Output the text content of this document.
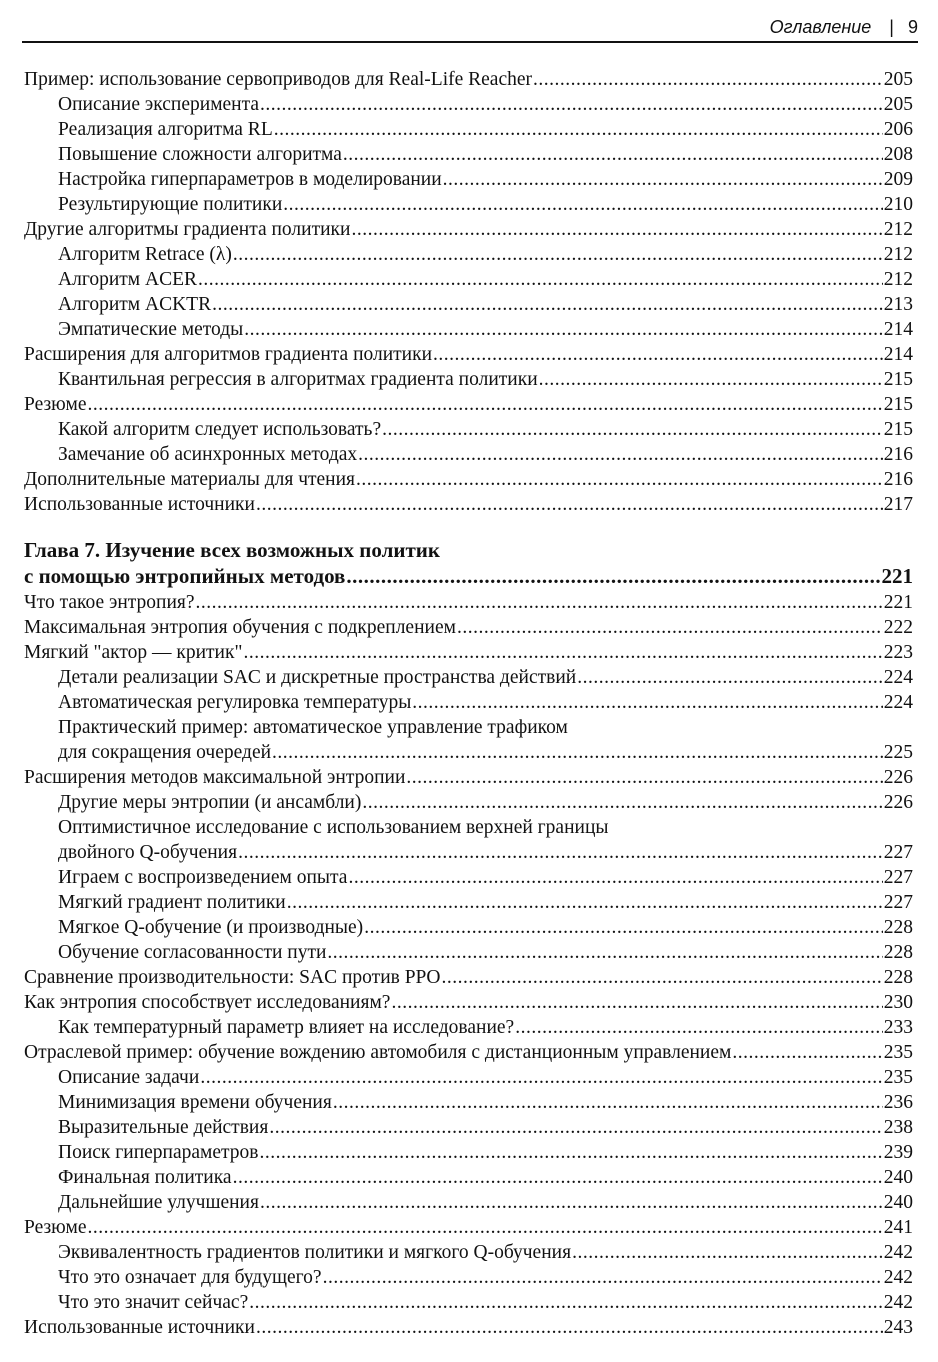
Оглавление | 9
Пример: использование сервоприводов для Real-Life Reacher .....	205
Описание эксперимента .....	205
Реализация алгоритма RL .....	206
Повышение сложности алгоритма .....	208
Настройка гиперпараметров в моделировании .....	209
Результирующие политики .....	210
Другие алгоритмы градиента политики .....	212
Алгоритм Retrace (λ) .....	212
Алгоритм ACER .....	212
Алгоритм ACKTR .....	213
Эмпатические методы .....	214
Расширения для алгоритмов градиента политики .....	214
Квантильная регрессия в алгоритмах градиента политики .....	215
Резюме .....	215
Какой алгоритм следует использовать? .....	215
Замечание об асинхронных методах .....	216
Дополнительные материалы для чтения .....	216
Использованные источники .....	217
Глава 7. Изучение всех возможных политик
с помощью энтропийных методов .....	221
Что такое энтропия? .....	221
Максимальная энтропия обучения с подкреплением .....	222
Мягкий "актор — критик" .....	223
Детали реализации SAC и дискретные пространства действий .....	224
Автоматическая регулировка температуры .....	224
Практический пример: автоматическое управление трафиком
для сокращения очередей .....	225
Расширения методов максимальной энтропии .....	226
Другие меры энтропии (и ансамбли) .....	226
Оптимистичное исследование с использованием верхней границы
двойного Q-обучения .....	227
Играем с воспроизведением опыта .....	227
Мягкий градиент политики .....	227
Мягкое Q-обучение (и производные) .....	228
Обучение согласованности пути .....	228
Сравнение производительности: SAC против PPO .....	228
Как энтропия способствует исследованиям? .....	230
Как температурный параметр влияет на исследование? .....	233
Отраслевой пример: обучение вождению автомобиля с дистанционным управлением .....	235
Описание задачи .....	235
Минимизация времени обучения .....	236
Выразительные действия .....	238
Поиск гиперпараметров .....	239
Финальная политика .....	240
Дальнейшие улучшения .....	240
Резюме .....	241
Эквивалентность градиентов политики и мягкого Q-обучения .....	242
Что это означает для будущего? .....	242
Что это значит сейчас? .....	242
Использованные источники .....	243
